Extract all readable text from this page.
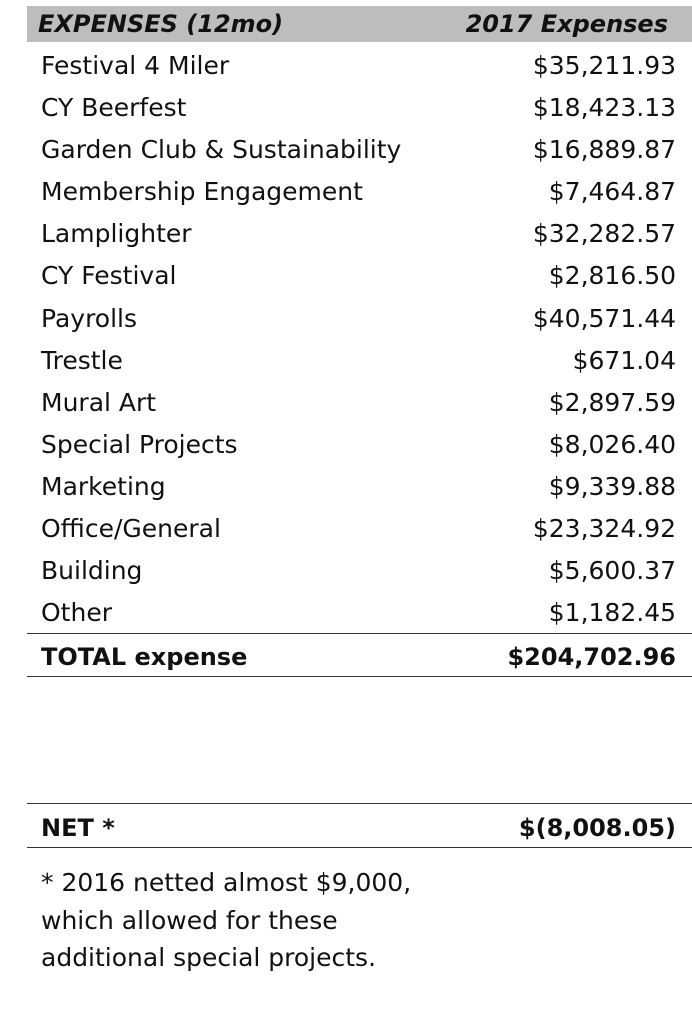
EXPENSES (12mo)	2017 Expenses
Festival 4 Miler	$35,211.93
CY Beerfest	$18,423.13
Garden Club & Sustainability	$16,889.87
Membership Engagement	$7,464.87
Lamplighter	$32,282.57
CY Festival	$2,816.50
Payrolls	$40,571.44
Trestle	$671.04
Mural Art	$2,897.59
Special Projects	$8,026.40
Marketing	$9,339.88
Office/General	$23,324.92
Building	$5,600.37
Other	$1,182.45
TOTAL expense	$204,702.96
NET *	$(8,008.05)
* 2016 netted almost $9,000,
which allowed for these
additional special projects.
